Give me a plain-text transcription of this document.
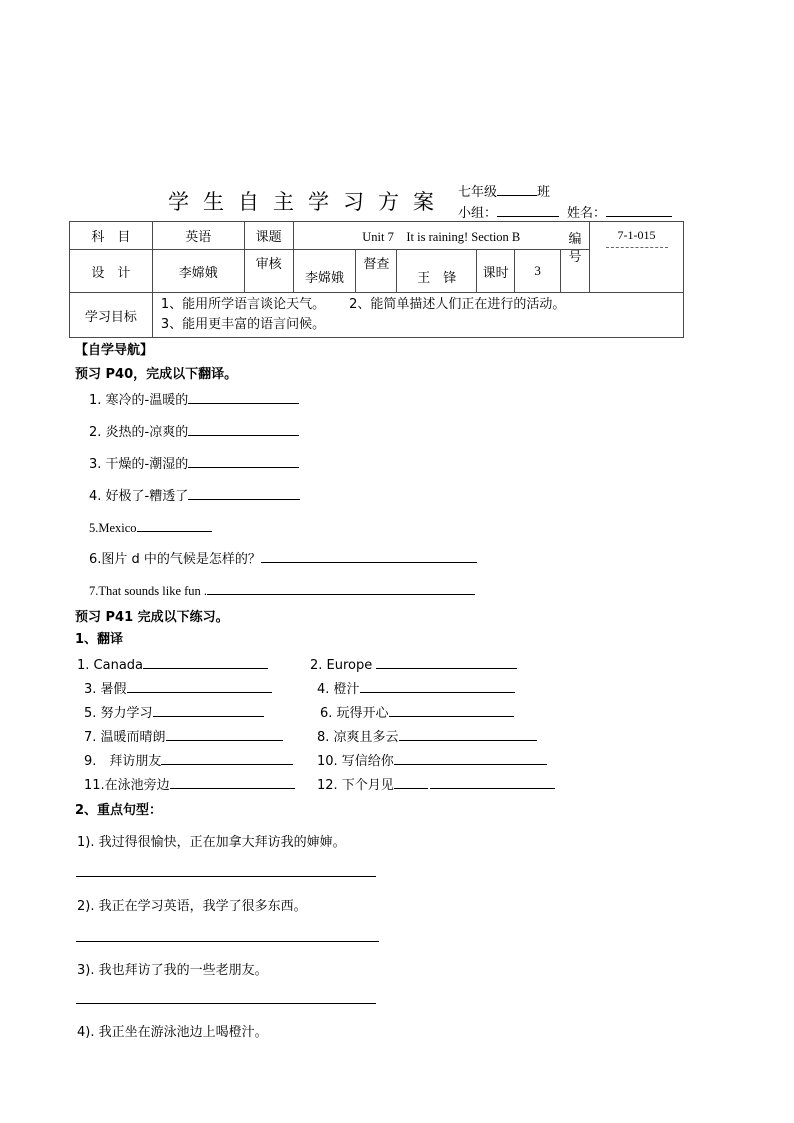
学生自主学习方案 七年级	班
小组：	姓名：
科　目	英语	课题	Unit 7　It is raining! Section B						7-1-015

设　计	李嫦娥	审核	李嫦娥	督查	王　锋	课时	3	编
号	

学习目标	1、能用所学语言谈论天气。 2、能简单描述人们正在进行的活动。
3、能用更丰富的语言问候。								
【自学导航】
预习 P40，完成以下翻译。
1. 寒冷的-温暖的
2. 炎热的-凉爽的
3. 干燥的-潮湿的
4. 好极了-糟透了
5.Mexico
6.图片 d 中的气候是怎样的？
7.That sounds like fun .
预习 P41 完成以下练习。
1、翻译
1. Canada	2. Europe
3. 暑假	4. 橙汁
5. 努力学习	6. 玩得开心
7. 温暖而晴朗	8. 凉爽且多云
9.　拜访朋友	10. 写信给你
11.在泳池旁边	12. 下个月见
2、重点句型：
1). 我过得很愉快，正在加拿大拜访我的婶婶。
2). 我正在学习英语，我学了很多东西。
3). 我也拜访了我的一些老朋友。
4). 我正坐在游泳池边上喝橙汁。
